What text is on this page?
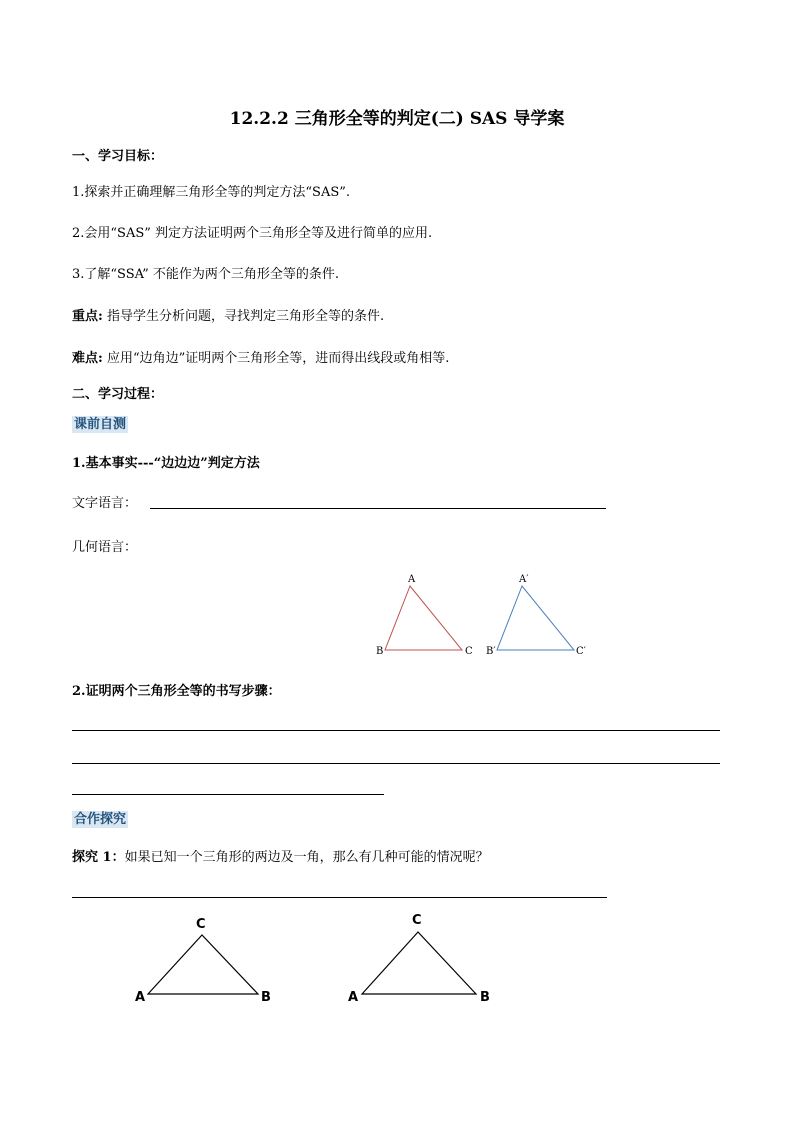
12.2.2 三角形全等的判定(二) SAS 导学案
一、学习目标：
1.探索并正确理解三角形全等的判定方法“SAS”.
2.会用“SAS” 判定方法证明两个三角形全等及进行简单的应用.
3.了解“SSA” 不能作为两个三角形全等的条件.
重点: 指导学生分析问题，寻找判定三角形全等的条件.
难点: 应用“边角边”证明两个三角形全等，进而得出线段或角相等.
二、学习过程：
课前自测
1.基本事实---“边边边”判定方法
文字语言：
几何语言：
A
B	C
A′
B′	C′
2.证明两个三角形全等的书写步骤：
合作探究
探究 1：如果已知一个三角形的两边及一角，那么有几种可能的情况呢？
C
A	B
C
A	B
